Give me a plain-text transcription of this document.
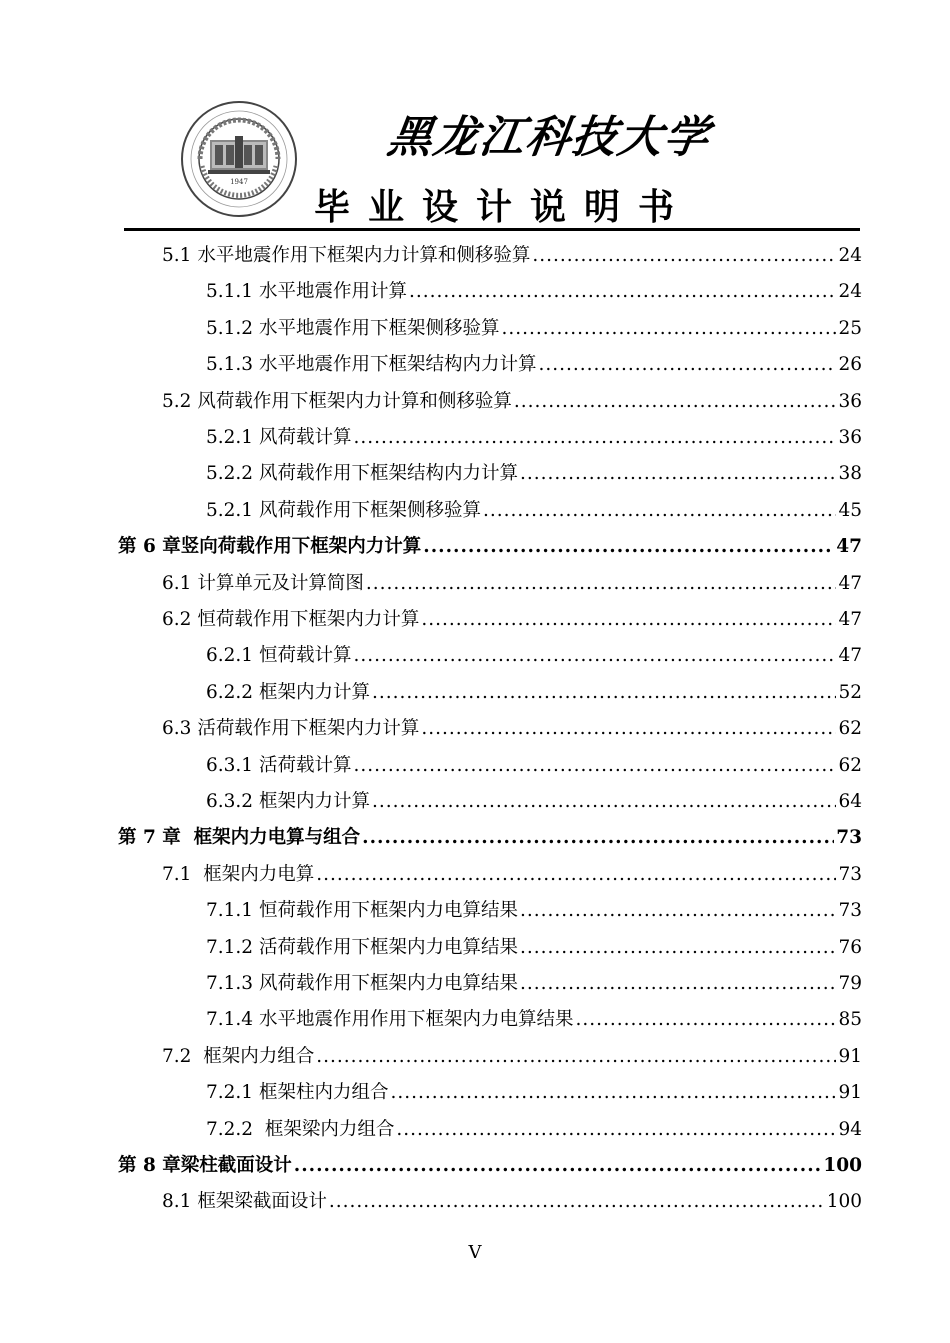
1947
黑龙江科技大学
毕业设计说明书
5.1 水平地震作用下框架内力计算和侧移验算 .....	24
5.1.1 水平地震作用计算 .....	24
5.1.2 水平地震作用下框架侧移验算 .....	25
5.1.3 水平地震作用下框架结构内力计算 .....	26
5.2 风荷载作用下框架内力计算和侧移验算 .....	36
5.2.1 风荷载计算 .....	36
5.2.2 风荷载作用下框架结构内力计算 .....	38
5.2.1 风荷载作用下框架侧移验算 .....	45
第 6 章 竖向荷载作用下框架内力计算 .....	47
6.1 计算单元及计算简图 .....	47
6.2 恒荷载作用下框架内力计算 .....	47
6.2.1 恒荷载计算 .....	47
6.2.2 框架内力计算 .....	52
6.3 活荷载作用下框架内力计算 .....	62
6.3.1 活荷载计算 .....	62
6.3.2 框架内力计算 .....	64
第 7 章 框架内力电算与组合 .....	73
7.1 框架内力电算 .....	73
7.1.1 恒荷载作用下框架内力电算结果 .....	73
7.1.2 活荷载作用下框架内力电算结果 .....	76
7.1.3 风荷载作用下框架内力电算结果 .....	79
7.1.4 水平地震作用作用下框架内力电算结果 .....	85
7.2 框架内力组合 .....	91
7.2.1 框架柱内力组合 .....	91
7.2.2 框架梁内力组合 .....	94
第 8 章 梁柱截面设计 .....	100
8.1 框架梁截面设计 .....	100
V
